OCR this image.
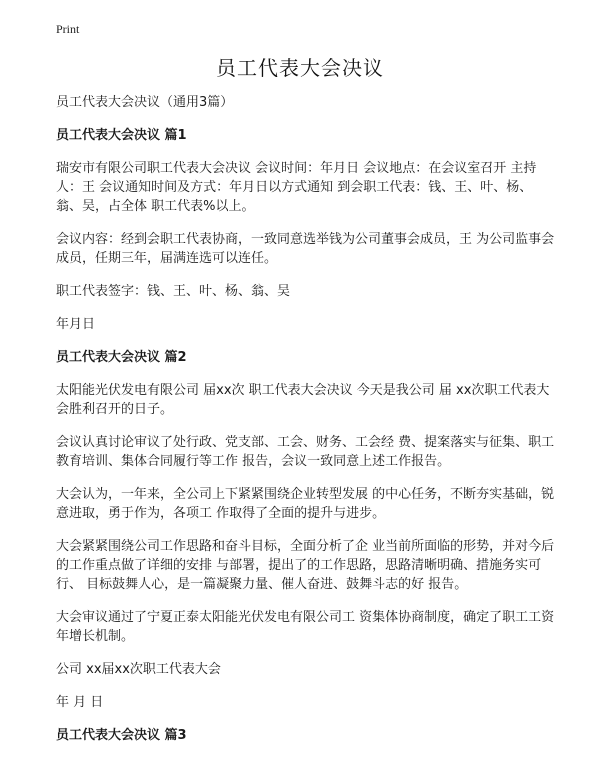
Print
员工代表大会决议

员工代表大会决议（通用3篇）

员工代表大会决议 篇1

瑞安市有限公司职工代表大会决议 会议时间：年月日 会议地点：在会议室召开 主持人：王 会议通知时间及方式：年月日以方式通知 到会职工代表：钱、王、叶、杨、翁、吴，占全体 职工代表%以上。

会议内容：经到会职工代表协商，一致同意选举钱为公司董事会成员，王 为公司监事会成员，任期三年，届满连选可以连任。

职工代表签字：钱、王、叶、杨、翁、吴

年月日

员工代表大会决议 篇2

太阳能光伏发电有限公司 届xx次 职工代表大会决议 今天是我公司 届 xx次职工代表大会胜利召开的日子。

会议认真讨论审议了处行政、党支部、工会、财务、工会经 费、提案落实与征集、职工教育培训、集体合同履行等工作 报告，会议一致同意上述工作报告。

大会认为，一年来，全公司上下紧紧围绕企业转型发展 的中心任务，不断夯实基础，锐意进取，勇于作为，各项工 作取得了全面的提升与进步。

大会紧紧围绕公司工作思路和奋斗目标，全面分析了企 业当前所面临的形势，并对今后的工作重点做了详细的安排 与部署，提出了的工作思路，思路清晰明确、措施务实可行、 目标鼓舞人心，是一篇凝聚力量、催人奋进、鼓舞斗志的好 报告。

大会审议通过了宁夏正泰太阳能光伏发电有限公司工 资集体协商制度，确定了职工工资年增长机制。

公司 xx届xx次职工代表大会

年 月 日

员工代表大会决议 篇3
